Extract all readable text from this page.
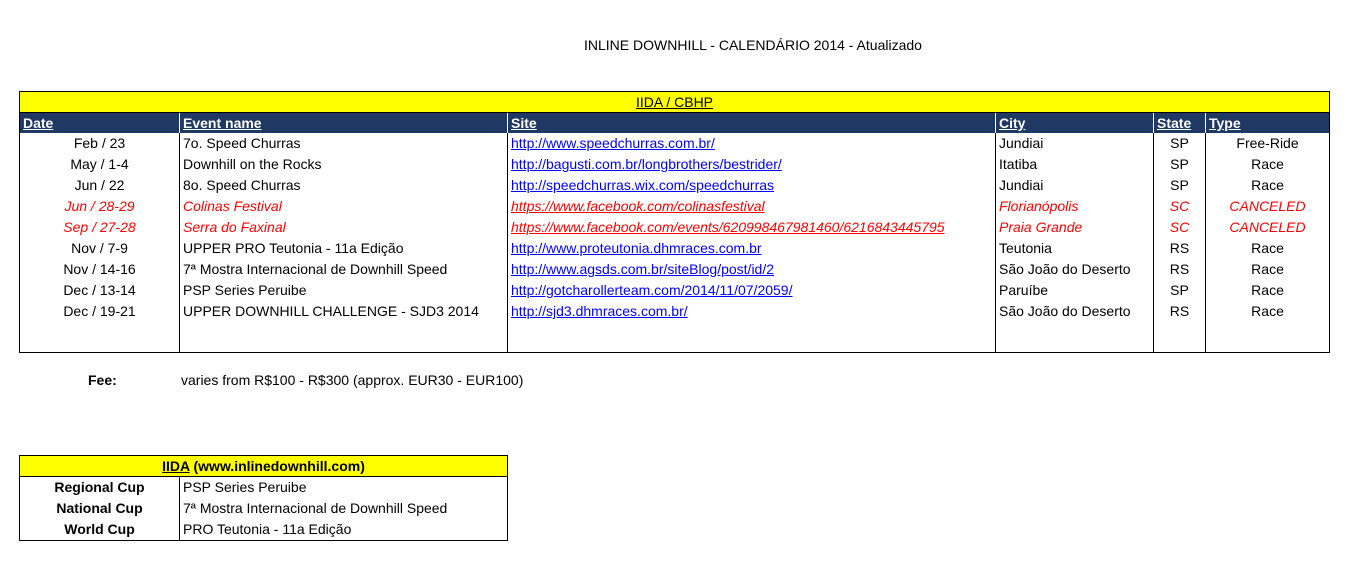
INLINE DOWNHILL - CALENDÁRIO 2014 - Atualizado
IIDA / CBHP					
Date	Event name	Site	City	State	Type
Feb / 23	7o. Speed Churras	http://www.speedchurras.com.br/	Jundiai	SP	Free-Ride
May / 1-4	Downhill on the Rocks	http://bagusti.com.br/longbrothers/bestrider/	Itatiba	SP	Race
Jun / 22	8o. Speed Churras	http://speedchurras.wix.com/speedchurras	Jundiai	SP	Race
Jun / 28-29	Colinas Festival	https://www.facebook.com/colinasfestival	Florianópolis	SC	CANCELED
Sep / 27-28	Serra do Faxinal	https://www.facebook.com/events/620998467981460/6216843445795	Praia Grande	SC	CANCELED
Nov / 7-9	UPPER PRO Teutonia - 11a Edição	http://www.proteutonia.dhmraces.com.br	Teutonia	RS	Race
Nov / 14-16	7ª Mostra Internacional de Downhill Speed	http://www.agsds.com.br/siteBlog/post/id/2	São João do Deserto	RS	Race
Dec / 13-14	PSP Series Peruibe	http://gotcharollerteam.com/2014/11/07/2059/	Paruíbe	SP	Race
Dec / 19-21	UPPER DOWNHILL CHALLENGE - SJD3 2014	http://sjd3.dhmraces.com.br/	São João do Deserto	RS	Race

Fee:	varies from R$100 - R$300 (approx. EUR30 - EUR100)
IIDA (www.inlinedownhill.com)	
Regional Cup	PSP Series Peruibe
National Cup	7ª Mostra Internacional de Downhill Speed
World Cup	PRO Teutonia - 11a Edição
